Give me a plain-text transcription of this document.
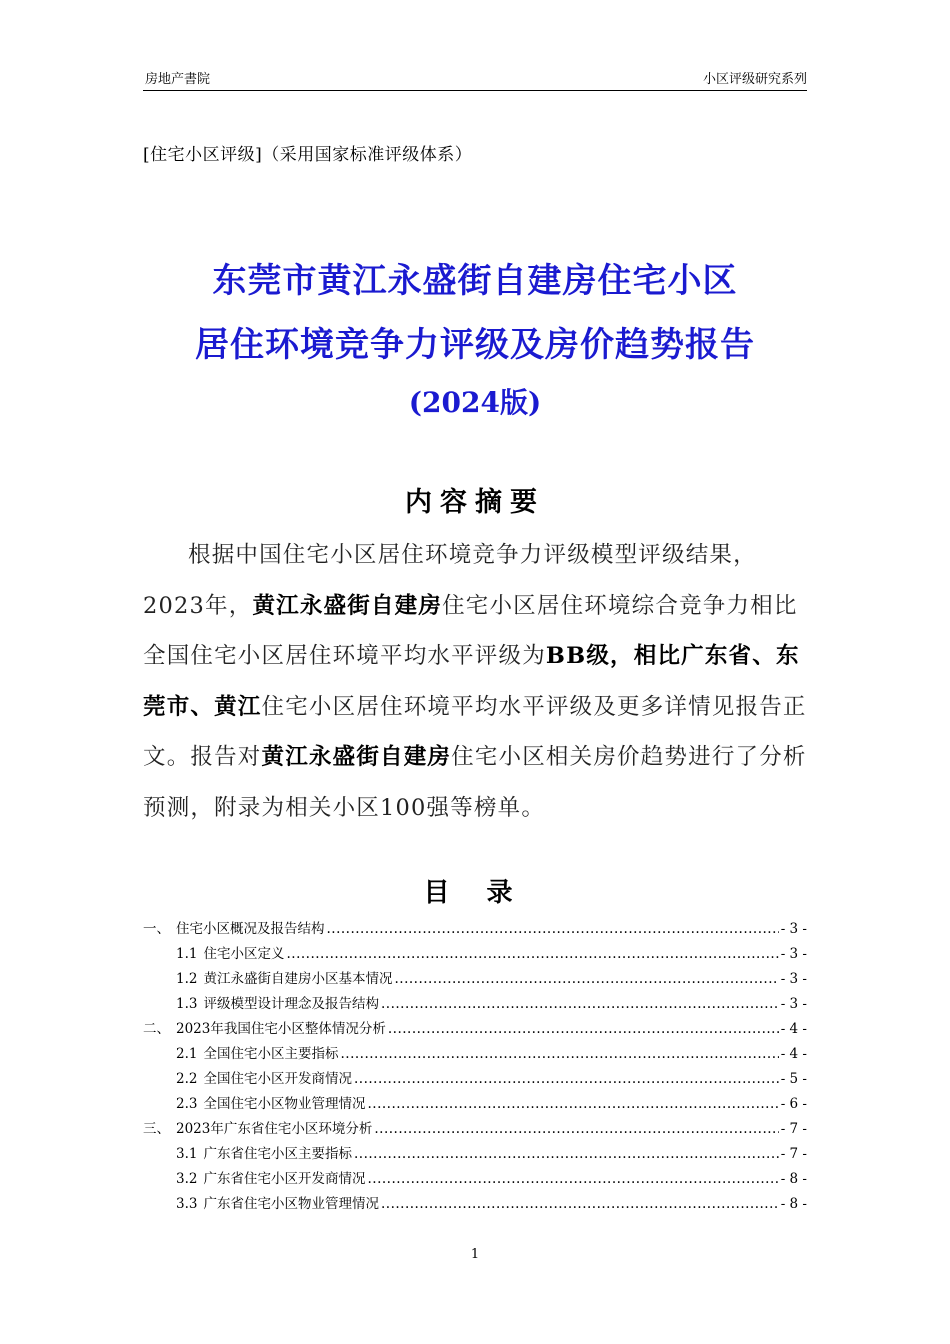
房地产書院	小区评级研究系列
[住宅小区评级]（采用国家标准评级体系）
东莞市黄江永盛街自建房住宅小区
居住环境竞争力评级及房价趋势报告
(2024版)
内容摘要

根据中国住宅小区居住环境竞争力评级模型评级结果，2023年，黄江永盛街自建房住宅小区居住环境综合竞争力相比全国住宅小区居住环境平均水平评级为BB级，相比广东省、东莞市、黄江住宅小区居住环境平均水平评级及更多详情见报告正文。报告对黄江永盛街自建房住宅小区相关房价趋势进行了分析预测，附录为相关小区100强等榜单。

目 录
一、 住宅小区概况及报告结构 .....	- 3 -
1.1 住宅小区定义 .....	- 3 -
1.2 黄江永盛街自建房小区基本情况 .....	- 3 -
1.3 评级模型设计理念及报告结构 .....	- 3 -
二、 2023年我国住宅小区整体情况分析 .....	- 4 -
2.1 全国住宅小区主要指标 .....	- 4 -
2.2 全国住宅小区开发商情况 .....	- 5 -
2.3 全国住宅小区物业管理情况 .....	- 6 -
三、 2023年广东省住宅小区环境分析 .....	- 7 -
3.1 广东省住宅小区主要指标 .....	- 7 -
3.2 广东省住宅小区开发商情况 .....	- 8 -
3.3 广东省住宅小区物业管理情况 .....	- 8 -
1
